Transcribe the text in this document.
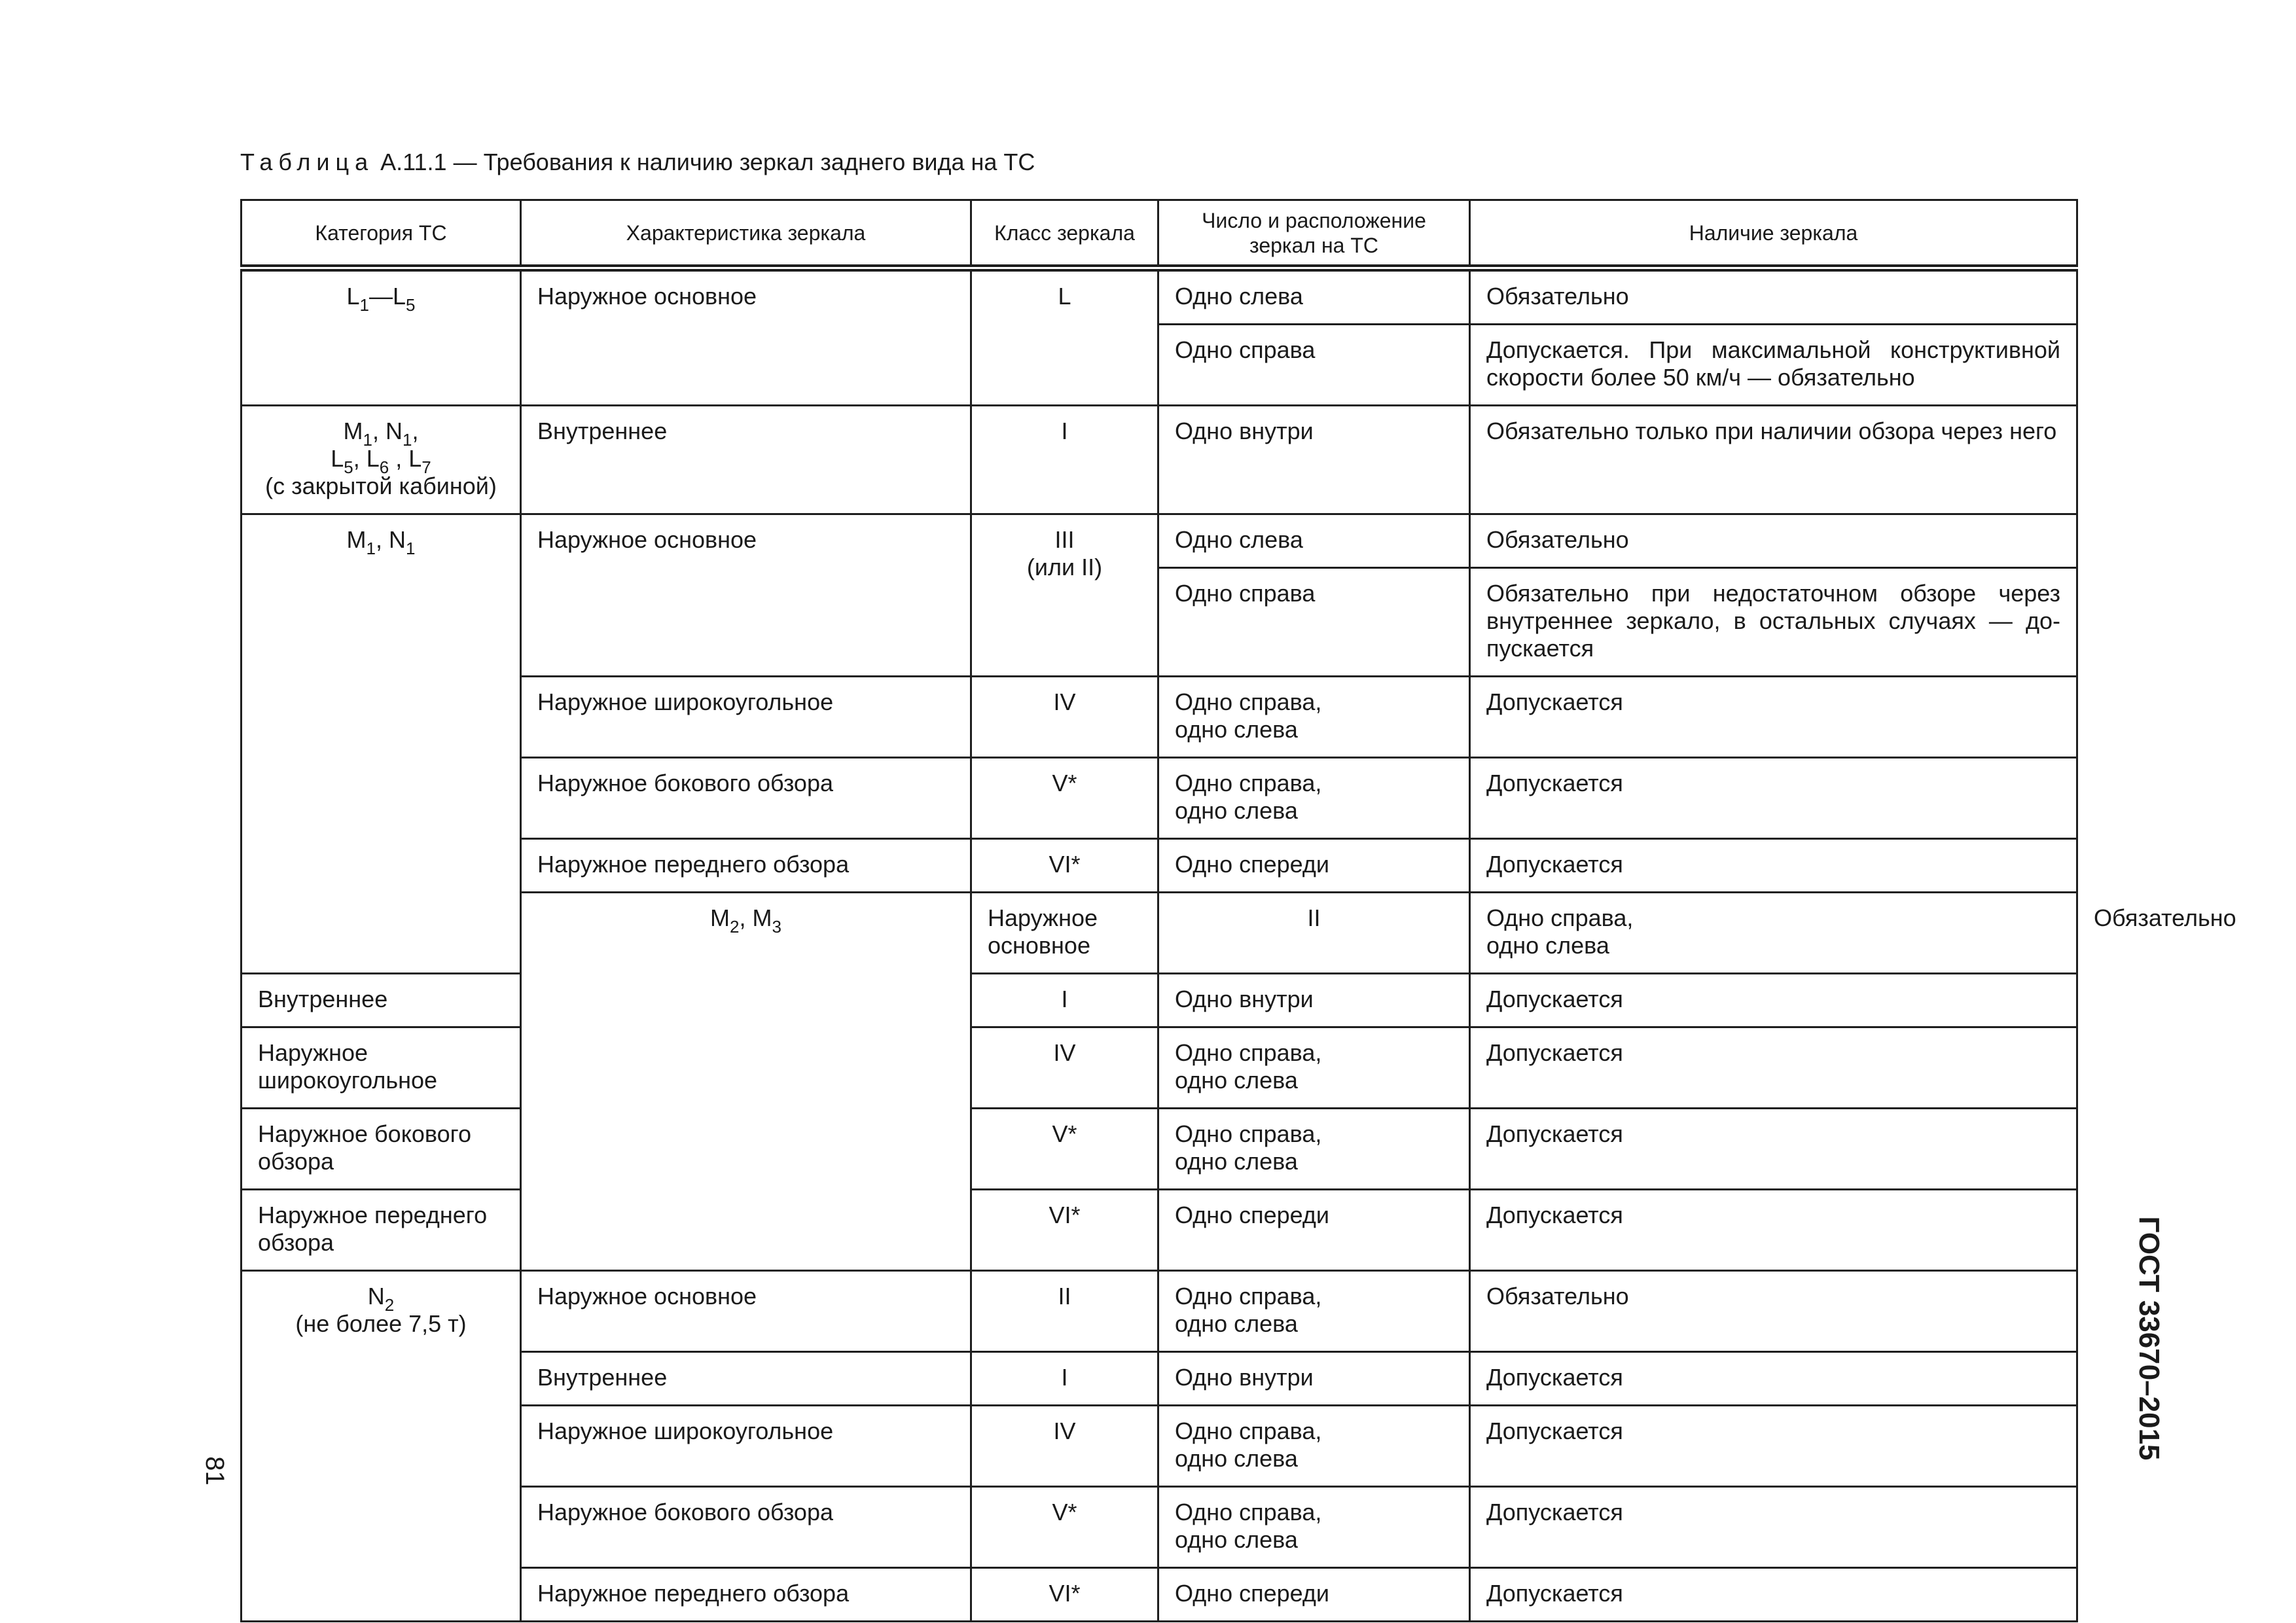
Таблица А.11.1 — Требования к наличию зеркал заднего вида на ТС
Категория ТС	Характеристика зеркала	Класс зеркала	Число и расположение
зеркал на ТС	Наличие зеркала	
$L_1—L_5$	Наружное основное	L	Одно слева	Обязательно	
			Одно справа	Допускается. При максимальной конструктивной скорости более 50 км/ч — обязательно	

$M_1$, $N_1$,
$L_5$, $L_6$ , $L_7$
(с закрытой кабиной)	Внутреннее	I	Одно внутри	Обязательно только при наличии обзора через него	
$M_1$, $N_1$	Наружное основное	III
(или II)	Одно слева	Обязательно	
			Одно справа	Обязательно при недостаточном обзоре через внутреннее зеркало, в остальных случаях — до-пускается	
	Наружное широкоугольное	IV	Одно справа,
одно слева	Допускается	
	Наружное бокового обзора	V*	Одно справа,
одно слева	Допускается	
	Наружное переднего обзора	VI*	Одно спереди	Допускается	
	$M_2$, $M_3$	Наружное основное	II	Одно справа,
одно слева	Обязательно
Внутреннее		I	Одно внутри	Допускается	
Наружное широкоугольное		IV	Одно справа,
одно слева	Допускается	
Наружное бокового обзора		V*	Одно справа,
одно слева	Допускается	
Наружное переднего обзора		VI*	Одно спереди	Допускается	

$N_2$
(не более 7,5 т)	Наружное основное	II	Одно справа,
одно слева	Обязательно	
	Внутреннее	I	Одно внутри	Допускается	
	Наружное широкоугольное	IV	Одно справа,
одно слева	Допускается	
	Наружное бокового обзора	V*	Одно справа,
одно слева	Допускается	
	Наружное переднего обзора	VI*	Одно спереди	Допускается	
81
ГОСТ 33670–2015
